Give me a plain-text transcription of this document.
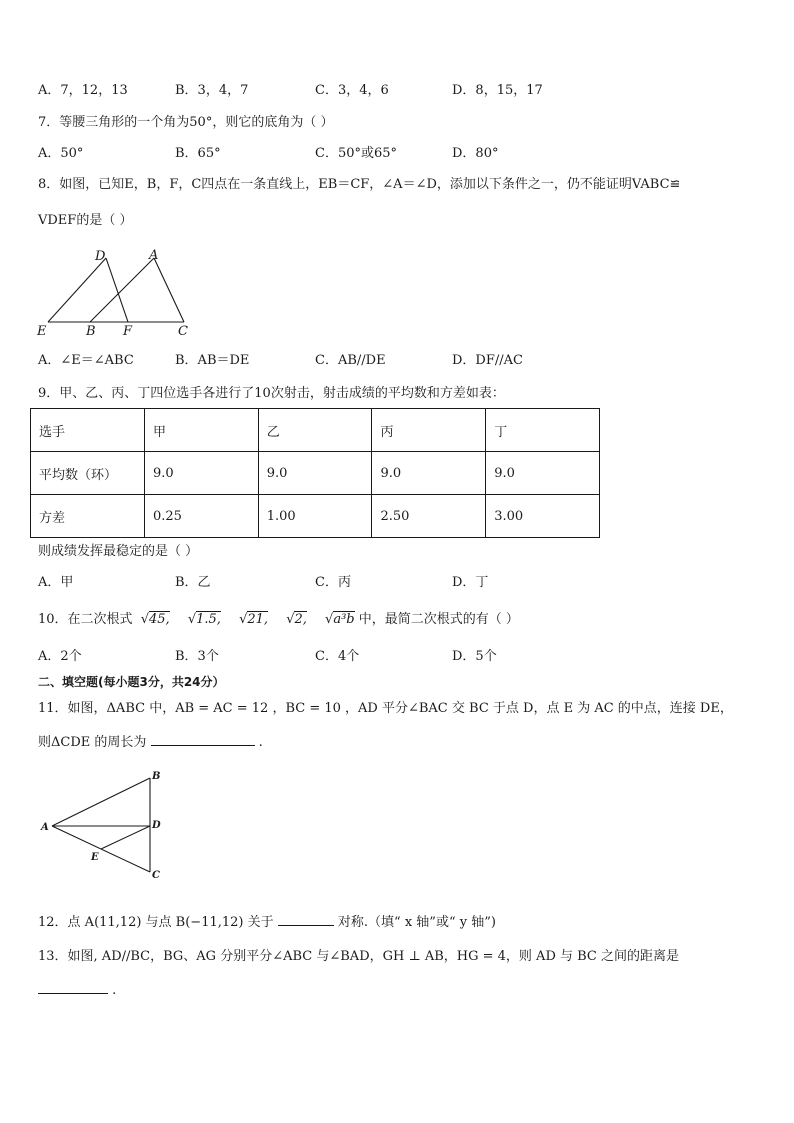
A．7，12，13	B．3，4，7	C．3，4，6	D．8，15，17
7．等腰三角形的一个角为50°，则它的底角为（ ）
A．50°	B．65°	C．50°或65°	D．80°
8．如图，已知E，B，F，C四点在一条直线上，EB＝CF，∠A＝∠D，添加以下条件之一，仍不能证明VABC≌
VDEF的是（ ）
D	A
E	B F	C
A．∠E＝∠ABC	B．AB＝DE	C．AB//DE	D．DF//AC
9．甲、乙、丙、丁四位选手各进行了10次射击，射击成绩的平均数和方差如表：
选手	甲	乙	丙	丁
平均数（环）	9.0	9.0	9.0	9.0
方差	0.25	1.00	2.50	3.00
则成绩发挥最稳定的是（ ）
A．甲	B．乙	C．丙	D．丁
10．在二次根式 √45, √1.5, √21, √2, √a³b 中，最简二次根式的有（ ）
A．2个	B．3个	C．4个	D．5个
二、填空题(每小题3分，共24分）
11．如图，ΔABC 中，AB = AC = 12 ，BC = 10 ，AD 平分∠BAC 交 BC 于点 D，点 E 为 AC 的中点，连接 DE，
则ΔCDE 的周长为	.
A
B
C
D
E
12．点 A(11,12) 与点 B(−11,12) 关于	对称.（填“ x 轴”或“ y 轴”)
13．如图, AD//BC，BG、AG 分别平分∠ABC 与∠BAD，GH ⊥ AB，HG = 4，则 AD 与 BC 之间的距离是
.
